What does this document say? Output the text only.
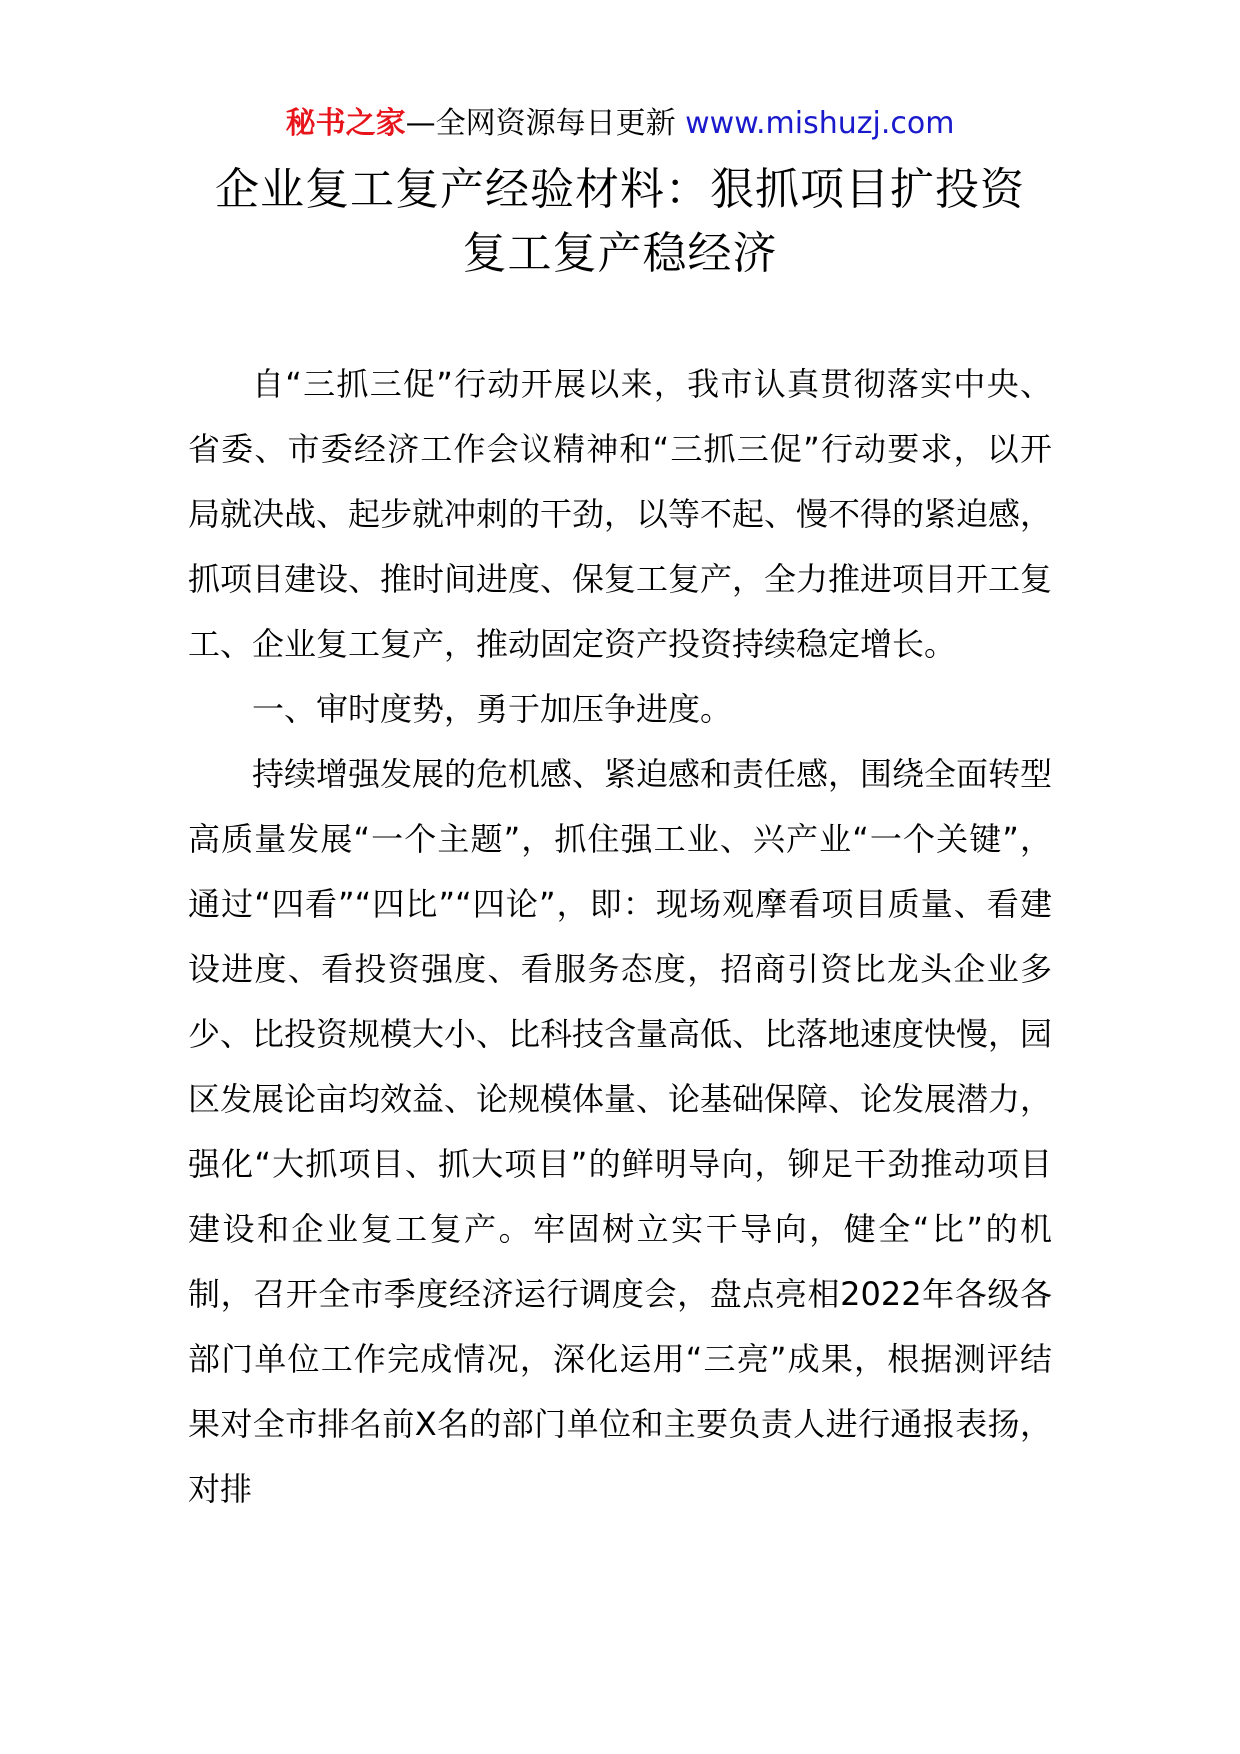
秘书之家—全网资源每日更新 www.mishuzj.com
企业复工复产经验材料：狠抓项目扩投资
复工复产稳经济

自“三抓三促”行动开展以来，我市认真贯彻落实中央、省委、市委经济工作会议精神和“三抓三促”行动要求，以开局就决战、起步就冲刺的干劲，以等不起、慢不得的紧迫感，抓项目建设、推时间进度、保复工复产，全力推进项目开工复工、企业复工复产，推动固定资产投资持续稳定增长。

一、审时度势，勇于加压争进度。

持续增强发展的危机感、紧迫感和责任感，围绕全面转型高质量发展“一个主题”，抓住强工业、兴产业“一个关键”，通过“四看”“四比”“四论”，即：现场观摩看项目质量、看建设进度、看投资强度、看服务态度，招商引资比龙头企业多少、比投资规模大小、比科技含量高低、比落地速度快慢，园区发展论亩均效益、论规模体量、论基础保障、论发展潜力，强化“大抓项目、抓大项目”的鲜明导向，铆足干劲推动项目建设和企业复工复产。牢固树立实干导向，健全“比”的机制，召开全市季度经济运行调度会，盘点亮相2022年各级各部门单位工作完成情况，深化运用“三亮”成果，根据测评结果对全市排名前X名的部门单位和主要负责人进行通报表扬，对排
